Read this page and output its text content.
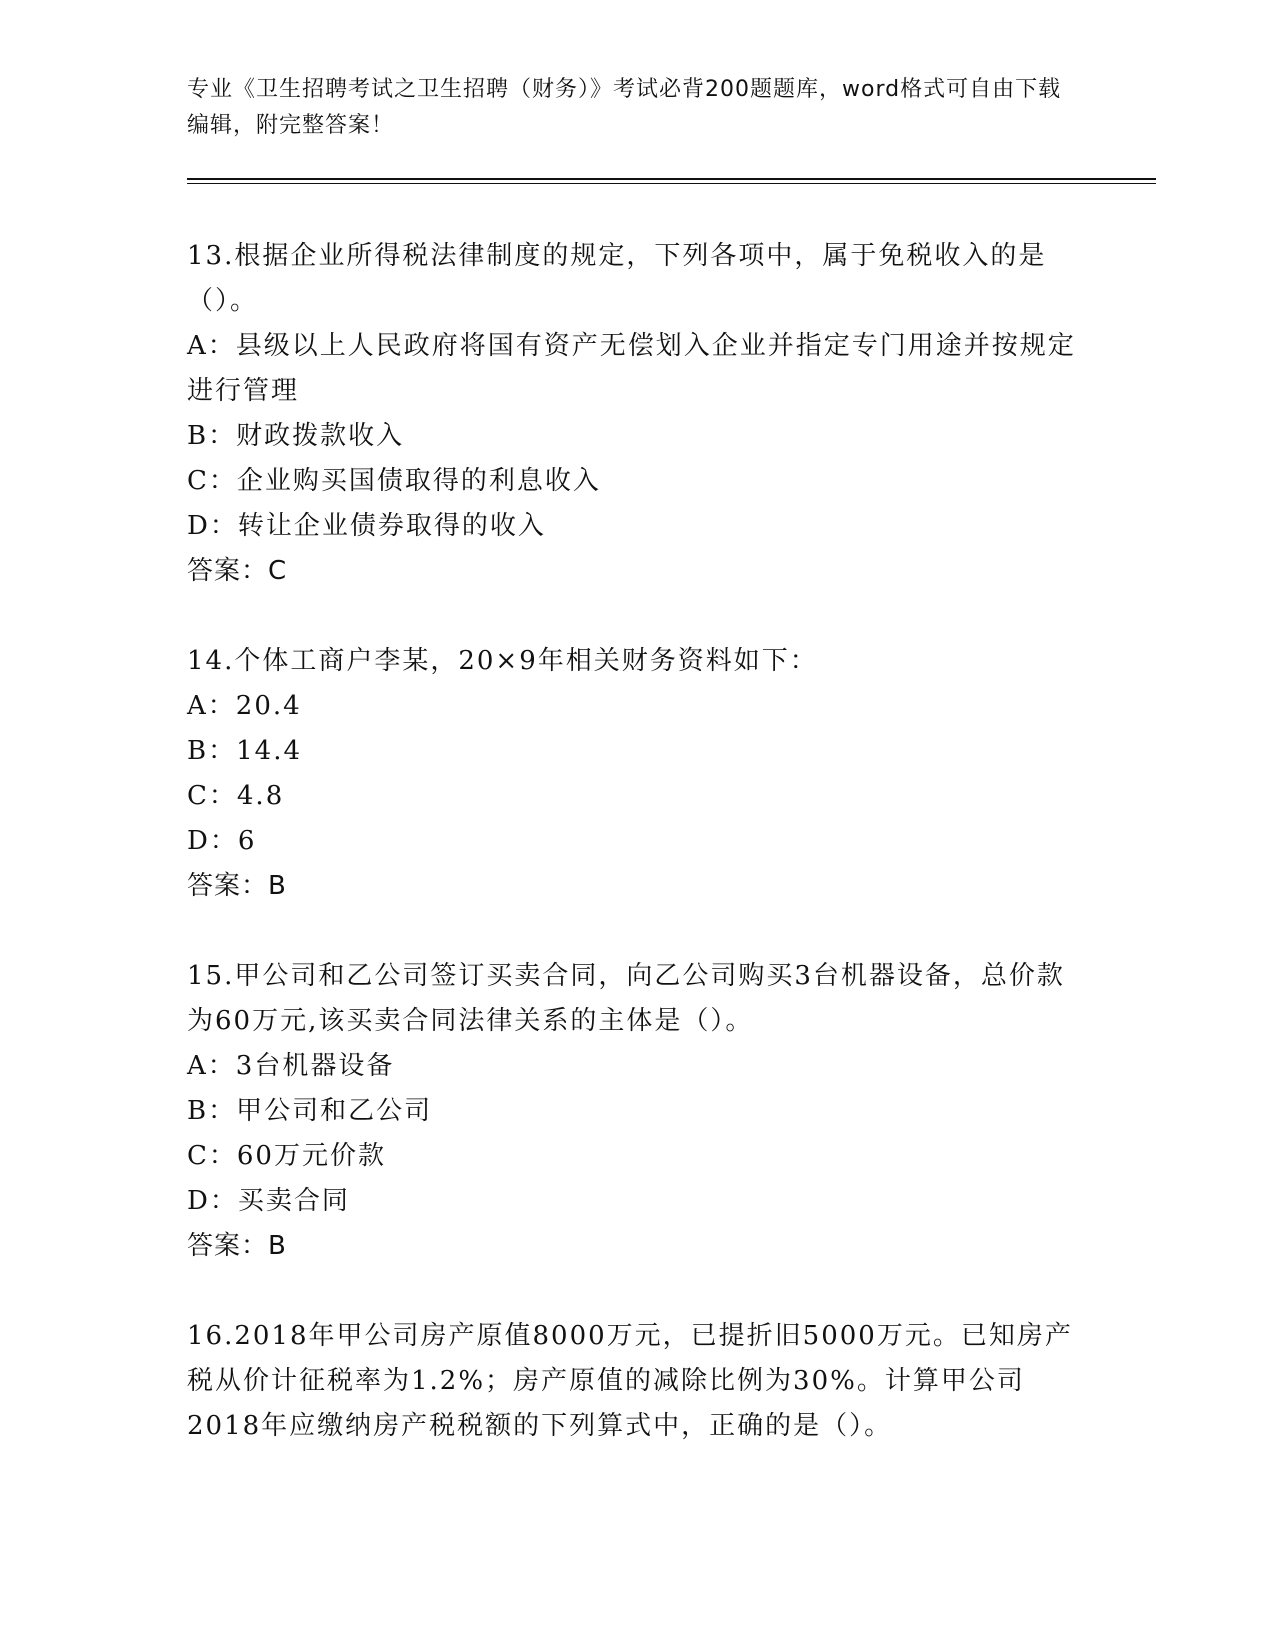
专业《卫生招聘考试之卫生招聘（财务）》考试必背200题题库，word格式可自由下载编辑，附完整答案！

13.根据企业所得税法律制度的规定，下列各项中，属于免税收入的是（）。

A：县级以上人民政府将国有资产无偿划入企业并指定专门用途并按规定进行管理

B：财政拨款收入

C：企业购买国债取得的利息收入

D：转让企业债券取得的收入

答案：C

14.个体工商户李某，20×9年相关财务资料如下：

A：20.4

B：14.4

C：4.8

D：6

答案：B

15.甲公司和乙公司签订买卖合同，向乙公司购买3台机器设备，总价款为60万元,该买卖合同法律关系的主体是（）。

A：3台机器设备

B：甲公司和乙公司

C：60万元价款

D：买卖合同

答案：B

16.2018年甲公司房产原值8000万元，已提折旧5000万元。已知房产税从价计征税率为1.2%；房产原值的减除比例为30%。计算甲公司2018年应缴纳房产税税额的下列算式中，正确的是（）。
